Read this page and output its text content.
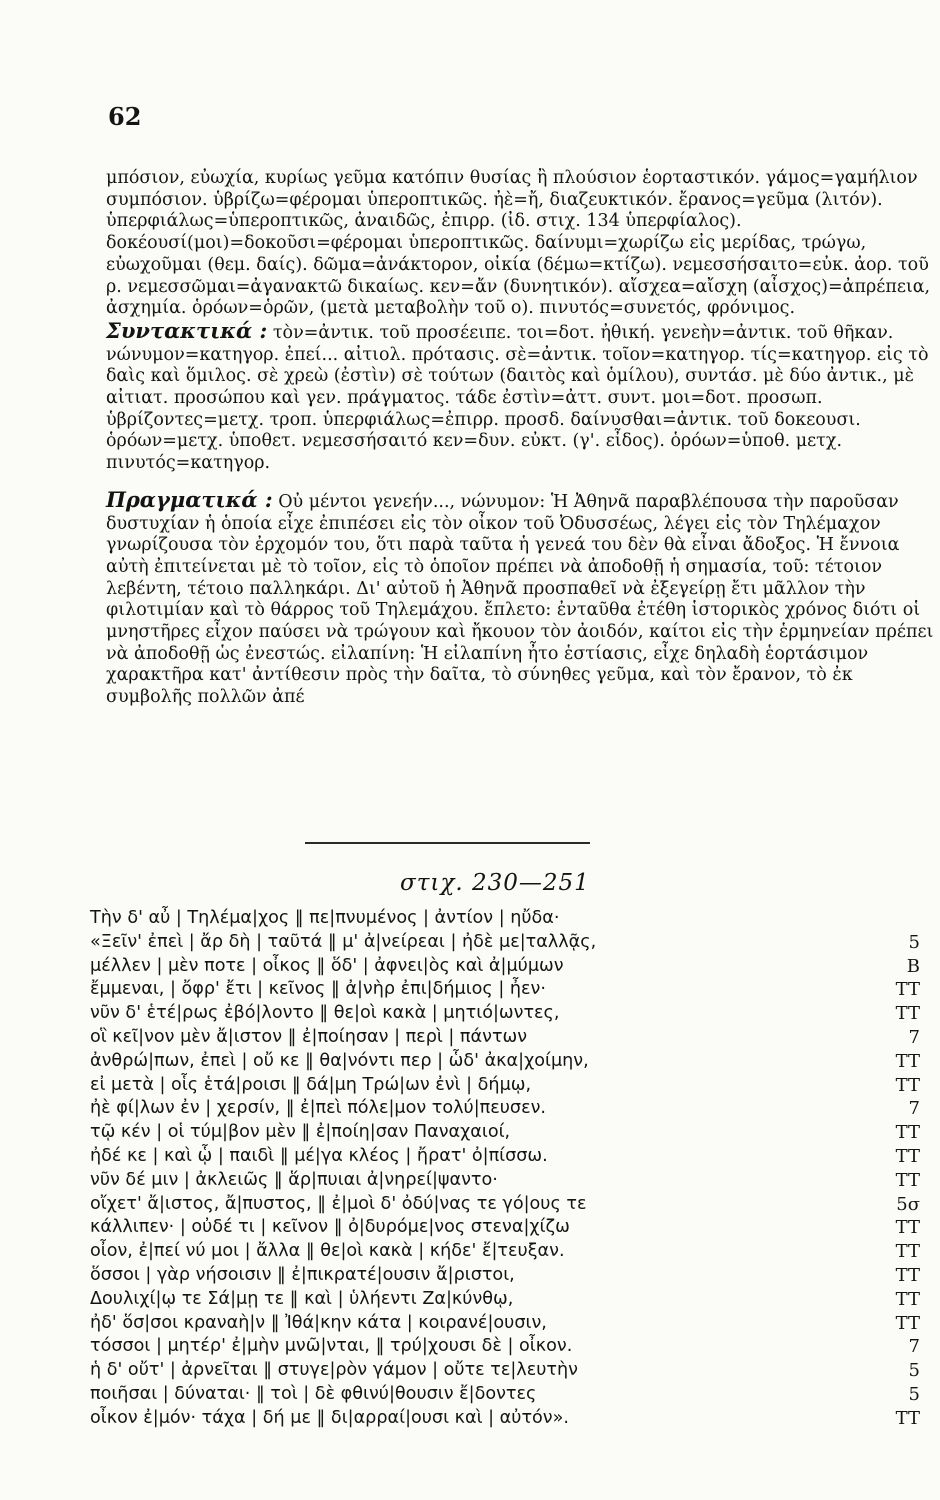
62

μπόσιον, εὐωχία, κυρίως γεῦμα κατόπιν θυσίας ἢ πλούσιον ἑορταστικόν. γάμος=γαμήλιον συμπόσιον. ὑβρίζω=φέρομαι ὑπεροπτικῶς. ἠὲ=ἤ, διαζευκτικόν. ἔρανος=γεῦμα (λιτόν). ὑπερφιάλως=ὑπεροπτικῶς, ἀναιδῶς, ἐπιρρ. (ἰδ. στιχ. 134 ὑπερφίαλος). δοκέουσί(μοι)=δοκοῦσι=φέρομαι ὑπεροπτικῶς. δαίνυμι=χωρίζω εἰς μερίδας, τρώγω, εὐωχοῦμαι (θεμ. δαίς). δῶμα=ἀνάκτορον, οἰκία (δέμω=κτίζω). νεμεσσήσαιτο=εὐκ. ἀορ. τοῦ ρ. νεμεσσῶμαι=ἀγανακτῶ δικαίως. κεν=ἄν (δυνητικόν). αἴσχεα=αἴσχη (αἶσχος)=ἀπρέπεια, ἀσχημία. ὁρόων=ὁρῶν, (μετὰ μεταβολὴν τοῦ ο). πινυτός=συνετός, φρόνιμος.

Συντακτικά : τὸν=ἀντικ. τοῦ προσέειπε. τοι=δοτ. ἠθική. γενεὴν=ἀντικ. τοῦ θῆκαν. νώνυμον=κατηγορ. ἐπεί... αἰτιολ. πρότασις. σὲ=ἀντικ. τοῖον=κατηγορ. τίς=κατηγορ. εἰς τὸ δαὶς καὶ ὅμιλος. σὲ χρεὼ (ἐστὶν) σὲ τούτων (δαιτὸς καὶ ὁμίλου), συντάσ. μὲ δύο ἀντικ., μὲ αἰτιατ. προσώπου καὶ γεν. πράγματος. τάδε ἐστὶν=ἀττ. συντ. μοι=δοτ. προσωπ. ὑβρίζοντες=μετχ. τροπ. ὑπερφιάλως=ἐπιρρ. προσδ. δαίνυσθαι=ἀντικ. τοῦ δοκεουσι. ὁρόων=μετχ. ὑποθετ. νεμεσσήσαιτό κεν=δυν. εὐκτ. (γ'. εἶδος). ὁρόων=ὑποθ. μετχ. πινυτός=κατηγορ.

Πραγματικά : Οὐ μέντοι γενεήν..., νώνυμον: Ἡ Ἀθηνᾶ παραβλέπουσα τὴν παροῦσαν δυστυχίαν ἡ ὁποία εἶχε ἐπιπέσει εἰς τὸν οἶκον τοῦ Ὀδυσσέως, λέγει εἰς τὸν Τηλέμαχον γνωρίζουσα τὸν ἐρχομόν του, ὅτι παρὰ ταῦτα ἡ γενεά του δὲν θὰ εἶναι ἄδοξος. Ἡ ἔννοια αὐτὴ ἐπιτείνεται μὲ τὸ τοῖον, εἰς τὸ ὁποῖον πρέπει νὰ ἀποδοθῇ ἡ σημασία, τοῦ: τέτοιον λεβέντη, τέτοιο παλληκάρι. Δι' αὐτοῦ ἡ Ἀθηνᾶ προσπαθεῖ νὰ ἐξεγείρῃ ἔτι μᾶλλον τὴν φιλοτιμίαν καὶ τὸ θάρρος τοῦ Τηλεμάχου. ἔπλετο: ἐνταῦθα ἐτέθη ἱστορικὸς χρόνος διότι οἱ μνηστῆρες εἶχον παύσει νὰ τρώγουν καὶ ἤκουον τὸν ἀοιδόν, καίτοι εἰς τὴν ἑρμηνείαν πρέπει νὰ ἀποδοθῇ ὡς ἐνεστώς. εἰλαπίνη: Ἡ εἰλαπίνη ἦτο ἑστίασις, εἶχε δηλαδὴ ἑορτάσιμον χαρακτῆρα κατ' ἀντίθεσιν πρὸς τὴν δαῖτα, τὸ σύνηθες γεῦμα, καὶ τὸν ἔρανον, τὸ ἐκ συμβολῆς πολλῶν ἀπέ

στιχ. 230—251
Τὴν δ' αὖ | Τηλέμα|χος ‖ πε|πνυμένος | ἀντίον | ηὔδα·
«Ξεῖν' ἐπεὶ | ἄρ δὴ | ταῦτά ‖ μ' ἀ|νείρεαι | ἠδὲ με|ταλλᾷς,	5
μέλλεν | μὲν ποτε | οἶκος ‖ ὅδ' | ἀφνει|ὸς καὶ ἀ|μύμων	B
ἔμμεναι, | ὄφρ' ἔτι | κεῖνος ‖ ἀ|νὴρ ἐπι|δήμιος | ἦεν·	TT
νῦν δ' ἑτέ|ρως ἐβό|λοντο ‖ θε|οὶ κακὰ | μητιό|ωντες,	TT
οἳ κεῖ|νον μὲν ἄ|ιστον ‖ ἐ|ποίησαν | περὶ | πάντων	7
ἀνθρώ|πων, ἐπεὶ | οὔ κε ‖ θα|νόντι περ | ὧδ' ἀκα|χοίμην,	TT
εἰ μετὰ | οἷς ἑτά|ροισι ‖ δά|μη Τρώ|ων ἐνὶ | δήμῳ,	TT
ἠὲ φί|λων ἐν | χερσίν, ‖ ἐ|πεὶ πόλε|μον τολύ|πευσεν.	7
τῷ κέν | οἱ τύμ|βον μὲν ‖ ἐ|ποίη|σαν Παναχαιοί,	TT
ἠδέ κε | καὶ ᾧ | παιδὶ ‖ μέ|γα κλέος | ἤρατ' ὀ|πίσσω.	TT
νῦν δέ μιν | ἀκλειῶς ‖ ἅρ|πυιαι ἀ|νηρεί|ψαντο·	TT
οἴχετ' ἄ|ιστος, ἄ|πυστος, ‖ ἐ|μοὶ δ' ὀδύ|νας τε γό|ους τε	5σ
κάλλιπεν· | οὐδέ τι | κεῖνον ‖ ὀ|δυρόμε|νος στενα|χίζω	TT
οἶον, ἐ|πεί νύ μοι | ἄλλα ‖ θε|οὶ κακὰ | κήδε' ἔ|τευξαν.	TT
ὅσσοι | γὰρ νήσοισιν ‖ ἐ|πικρατέ|ουσιν ἄ|ριστοι,	TT
Δουλιχί|ῳ τε Σά|μῃ τε ‖ καὶ | ὑλήεντι Ζα|κύνθῳ,	TT
ἠδ' ὅσ|σοι κραναὴ|ν ‖ Ἰθά|κην κάτα | κοιρανέ|ουσιν,	TT
τόσσοι | μητέρ' ἐ|μὴν μνῶ|νται, ‖ τρύ|χουσι δὲ | οἶκον.	7
ἡ δ' οὔτ' | ἀρνεῖται ‖ στυγε|ρὸν γάμον | οὔτε τε|λευτὴν	5
ποιῆσαι | δύναται· ‖ τοὶ | δὲ φθινύ|θουσιν ἔ|δοντες	5
οἶκον ἐ|μόν· τάχα | δή με ‖ δι|αρραί|ουσι καὶ | αὐτόν».	TT
